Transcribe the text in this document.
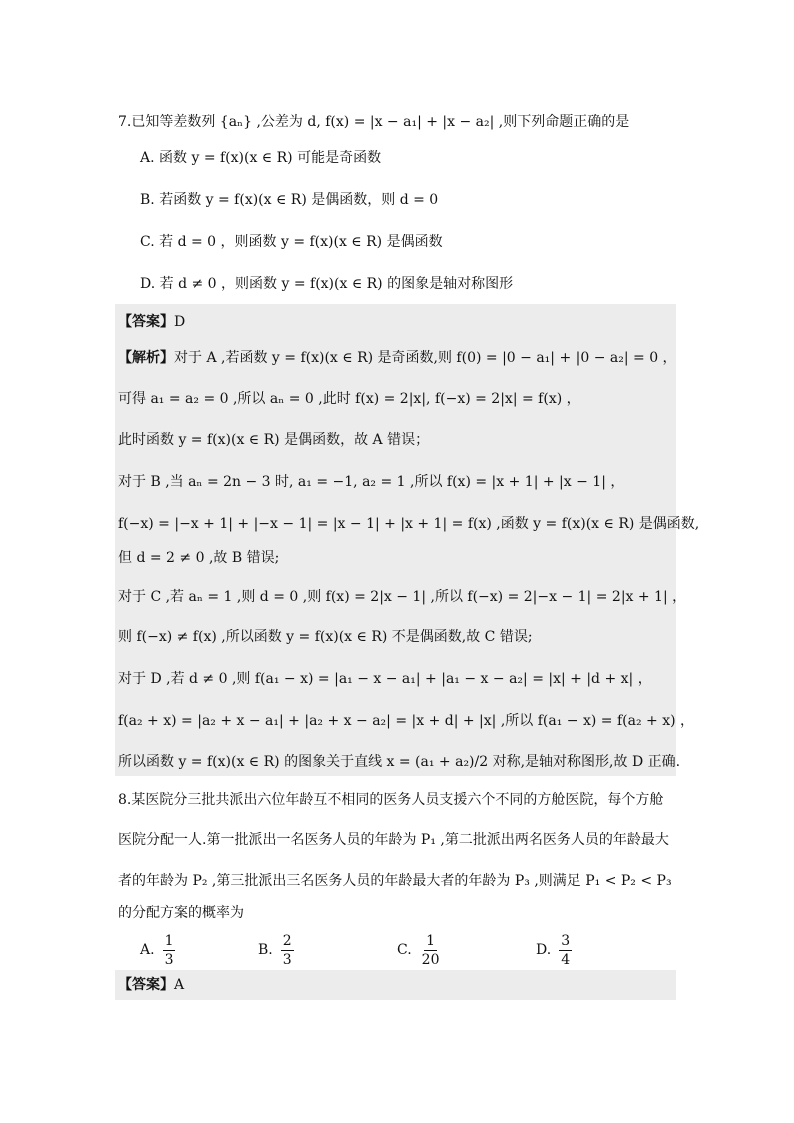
7.已知等差数列 {aₙ} ,公差为 d, f(x) = |x − a₁| + |x − a₂| ,则下列命题正确的是
A. 函数 y = f(x)(x ∈ R) 可能是奇函数
B. 若函数 y = f(x)(x ∈ R) 是偶函数，则 d = 0
C. 若 d = 0 ，则函数 y = f(x)(x ∈ R) 是偶函数
D. 若 d ≠ 0 ，则函数 y = f(x)(x ∈ R) 的图象是轴对称图形
【答案】D
【解析】对于 A ,若函数 y = f(x)(x ∈ R) 是奇函数,则 f(0) = |0 − a₁| + |0 − a₂| = 0 ，
可得 a₁ = a₂ = 0 ,所以 aₙ = 0 ,此时 f(x) = 2|x|, f(−x) = 2|x| = f(x) ，
此时函数 y = f(x)(x ∈ R) 是偶函数，故 A 错误；
对于 B ,当 aₙ = 2n − 3 时, a₁ = −1, a₂ = 1 ,所以 f(x) = |x + 1| + |x − 1| ，
f(−x) = |−x + 1| + |−x − 1| = |x − 1| + |x + 1| = f(x) ,函数 y = f(x)(x ∈ R) 是偶函数,
但 d = 2 ≠ 0 ,故 B 错误;
对于 C ,若 aₙ = 1 ,则 d = 0 ,则 f(x) = 2|x − 1| ,所以 f(−x) = 2|−x − 1| = 2|x + 1| ，
则 f(−x) ≠ f(x) ,所以函数 y = f(x)(x ∈ R) 不是偶函数,故 C 错误;
对于 D ,若 d ≠ 0 ,则 f(a₁ − x) = |a₁ − x − a₁| + |a₁ − x − a₂| = |x| + |d + x| ，
f(a₂ + x) = |a₂ + x − a₁| + |a₂ + x − a₂| = |x + d| + |x| ,所以 f(a₁ − x) = f(a₂ + x) ，
所以函数 y = f(x)(x ∈ R) 的图象关于直线 x = (a₁ + a₂)/2 对称,是轴对称图形,故 D 正确.
8.某医院分三批共派出六位年龄互不相同的医务人员支援六个不同的方舱医院，每个方舱
医院分配一人.第一批派出一名医务人员的年龄为 P₁ ,第二批派出两名医务人员的年龄最大
者的年龄为 P₂ ,第三批派出三名医务人员的年龄最大者的年龄为 P₃ ,则满足 P₁ < P₂ < P₃
的分配方案的概率为
A. $\frac{1}{3}$	B. $\frac{2}{3}$	C. $\frac{1}{20}$	D. $\frac{3}{4}$
【答案】A
